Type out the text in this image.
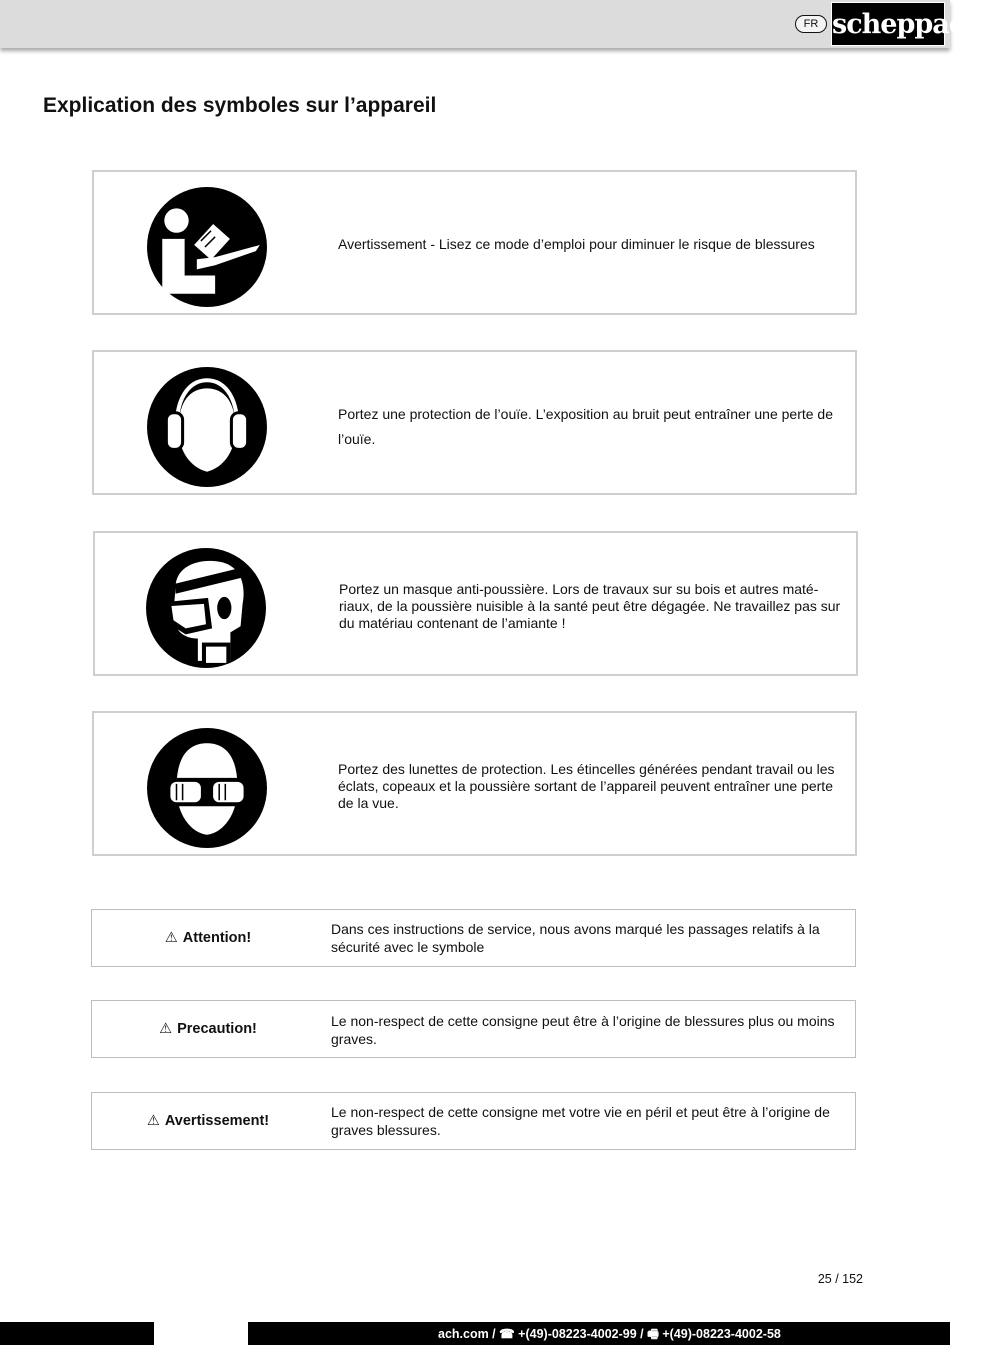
FR scheppach
Explication des symboles sur l’appareil
Avertissement - Lisez ce mode d’emploi pour diminuer le risque de blessures
Portez une protection de l’ouïe. L’exposition au bruit peut entraîner une perte de l’ouïe.
Portez un masque anti-poussière. Lors de travaux sur su bois et autres maté-riaux, de la poussière nuisible à la santé peut être dégagée. Ne travaillez pas sur du matériau contenant de l’amiante !
Portez des lunettes de protection. Les étincelles générées pendant travail ou les éclats, copeaux et la poussière sortant de l’appareil peuvent entraîner une perte de la vue.
⚠ Attention!
Dans ces instructions de service, nous avons marqué les passages relatifs à la sécurité avec le symbole
⚠ Precaution!	Le non-respect de cette consigne peut être à l’origine de blessures plus ou moins graves.
⚠ Avertissement!
Le non-respect de cette consigne met votre vie en péril et peut être à l’origine de graves blessures.
25 / 152
ach.com / ☎ +(49)-08223-4002-99 / 🖷 +(49)-08223-4002-58
